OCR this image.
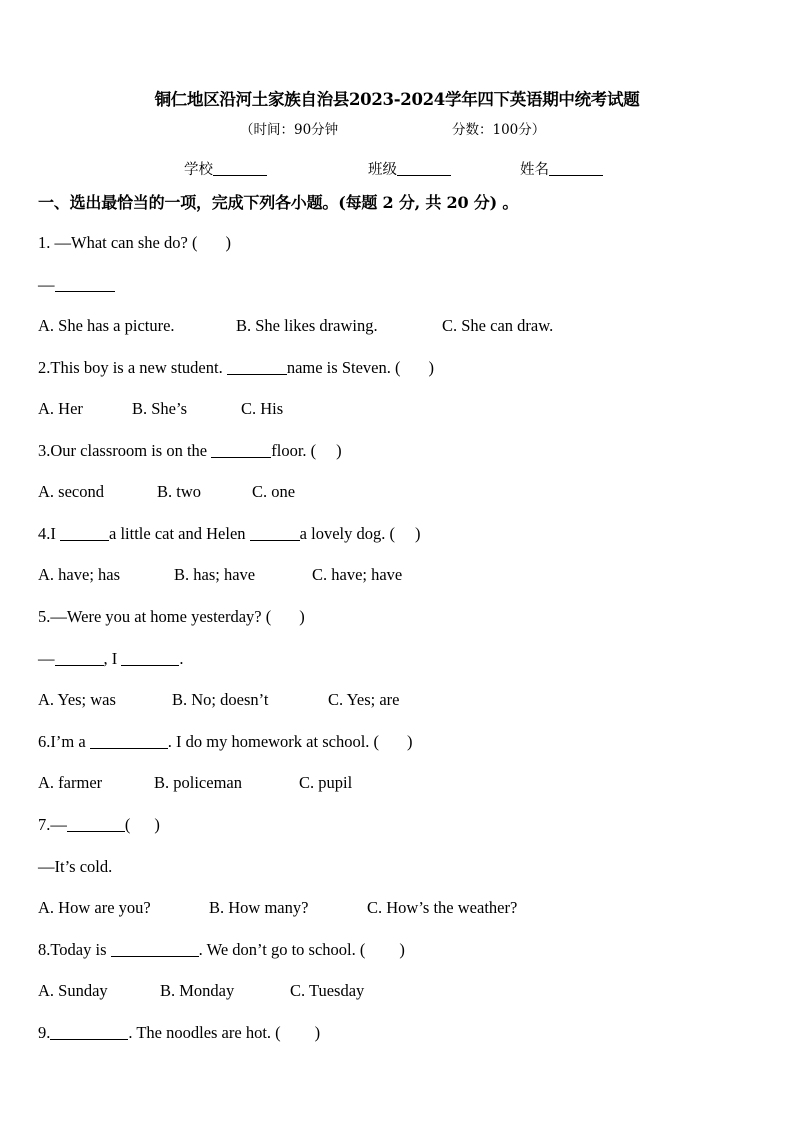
铜仁地区沿河土家族自治县2023-2024学年四下英语期中统考试题
（时间：90分钟	分数：100分）
学校	班级	姓名
一、选出最恰当的一项，完成下列各小题。(每题 2 分, 共 20 分) 。
1. —What can she do? ( )
—
A. She has a picture.	B. She likes drawing.	C. She can draw.
2.This boy is a new student.	name is Steven. ( )
A. Her	B. She’s	C. His
3.Our classroom is on the	floor. ( )
A. second	B. two	C. one
4.I	a little cat and Helen	a lovely dog. ( )
A. have; has	B. has; have	C. have; have
5.—Were you at home yesterday? ( )
—	, I	.
A. Yes; was	B. No; doesn’t	C. Yes; are
6.I’m a	. I do my homework at school. ( )
A. farmer	B. policeman	C. pupil
7.—	( )
—It’s cold.
A. How are you?	B. How many?	C. How’s the weather?
8.Today is	. We don’t go to school. ( )
A. Sunday	B. Monday	C. Tuesday
9.	. The noodles are hot. ( )
